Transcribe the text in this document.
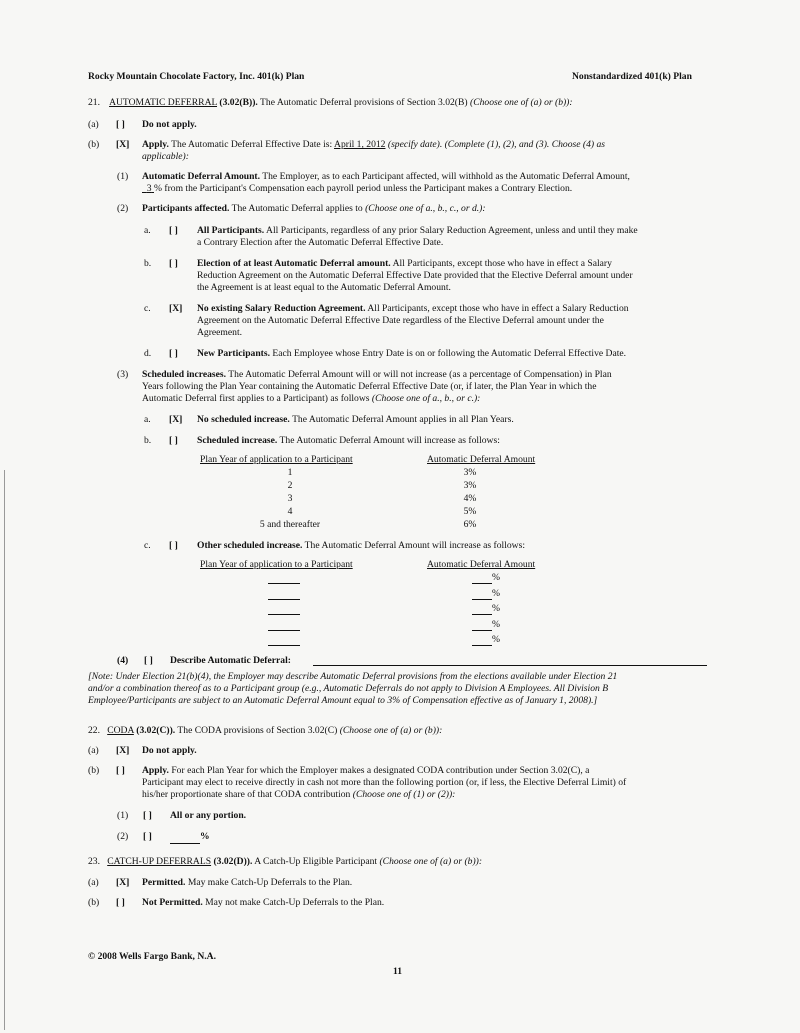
Rocky Mountain Chocolate Factory, Inc. 401(k) Plan	Nonstandardized 401(k) Plan
21. AUTOMATIC DEFERRAL (3.02(B)). The Automatic Deferral provisions of Section 3.02(B) (Choose one of (a) or (b)):
(a) [ ] Do not apply.
(b) [X] Apply. The Automatic Deferral Effective Date is: April 1, 2012 (specify date). (Complete (1), (2), and (3). Choose (4) as
applicable):
(1) Automatic Deferral Amount. The Employer, as to each Participant affected, will withhold as the Automatic Deferral Amount,
3 % from the Participant's Compensation each payroll period unless the Participant makes a Contrary Election.
(2) Participants affected. The Automatic Deferral applies to (Choose one of a., b., c., or d.):
a. [ ] All Participants. All Participants, regardless of any prior Salary Reduction Agreement, unless and until they make
a Contrary Election after the Automatic Deferral Effective Date.
b. [ ] Election of at least Automatic Deferral amount. All Participants, except those who have in effect a Salary
Reduction Agreement on the Automatic Deferral Effective Date provided that the Elective Deferral amount under
the Agreement is at least equal to the Automatic Deferral Amount.
c. [X] No existing Salary Reduction Agreement. All Participants, except those who have in effect a Salary Reduction
Agreement on the Automatic Deferral Effective Date regardless of the Elective Deferral amount under the
Agreement.
d. [ ] New Participants. Each Employee whose Entry Date is on or following the Automatic Deferral Effective Date.
(3) Scheduled increases. The Automatic Deferral Amount will or will not increase (as a percentage of Compensation) in Plan
Years following the Plan Year containing the Automatic Deferral Effective Date (or, if later, the Plan Year in which the
Automatic Deferral first applies to a Participant) as follows (Choose one of a., b., or c.):
a. [X] No scheduled increase. The Automatic Deferral Amount applies in all Plan Years.
b. [ ] Scheduled increase. The Automatic Deferral Amount will increase as follows:
Plan Year of application to a Participant	Automatic Deferral Amount
1	3%
2	3%
3	4%
4	5%
5 and thereafter	6%
c. [ ] Other scheduled increase. The Automatic Deferral Amount will increase as follows:
Plan Year of application to a Participant	Automatic Deferral Amount
%
%
%
%
%
(4) [ ] Describe Automatic Deferral:
[Note: Under Election 21(b)(4), the Employer may describe Automatic Deferral provisions from the elections available under Election 21
and/or a combination thereof as to a Participant group (e.g., Automatic Deferrals do not apply to Division A Employees. All Division B
Employee/Participants are subject to an Automatic Deferral Amount equal to 3% of Compensation effective as of January 1, 2008).]
22. CODA (3.02(C)). The CODA provisions of Section 3.02(C) (Choose one of (a) or (b)):
(a) [X] Do not apply.
(b) [ ] Apply. For each Plan Year for which the Employer makes a designated CODA contribution under Section 3.02(C), a
Participant may elect to receive directly in cash not more than the following portion (or, if less, the Elective Deferral Limit) of
his/her proportionate share of that CODA contribution (Choose one of (1) or (2)):
(1) [ ] All or any portion.
(2) [ ]	%
23. CATCH-UP DEFERRALS (3.02(D)). A Catch-Up Eligible Participant (Choose one of (a) or (b)):
(a) [X] Permitted. May make Catch-Up Deferrals to the Plan.
(b) [ ] Not Permitted. May not make Catch-Up Deferrals to the Plan.
© 2008 Wells Fargo Bank, N.A.
11
